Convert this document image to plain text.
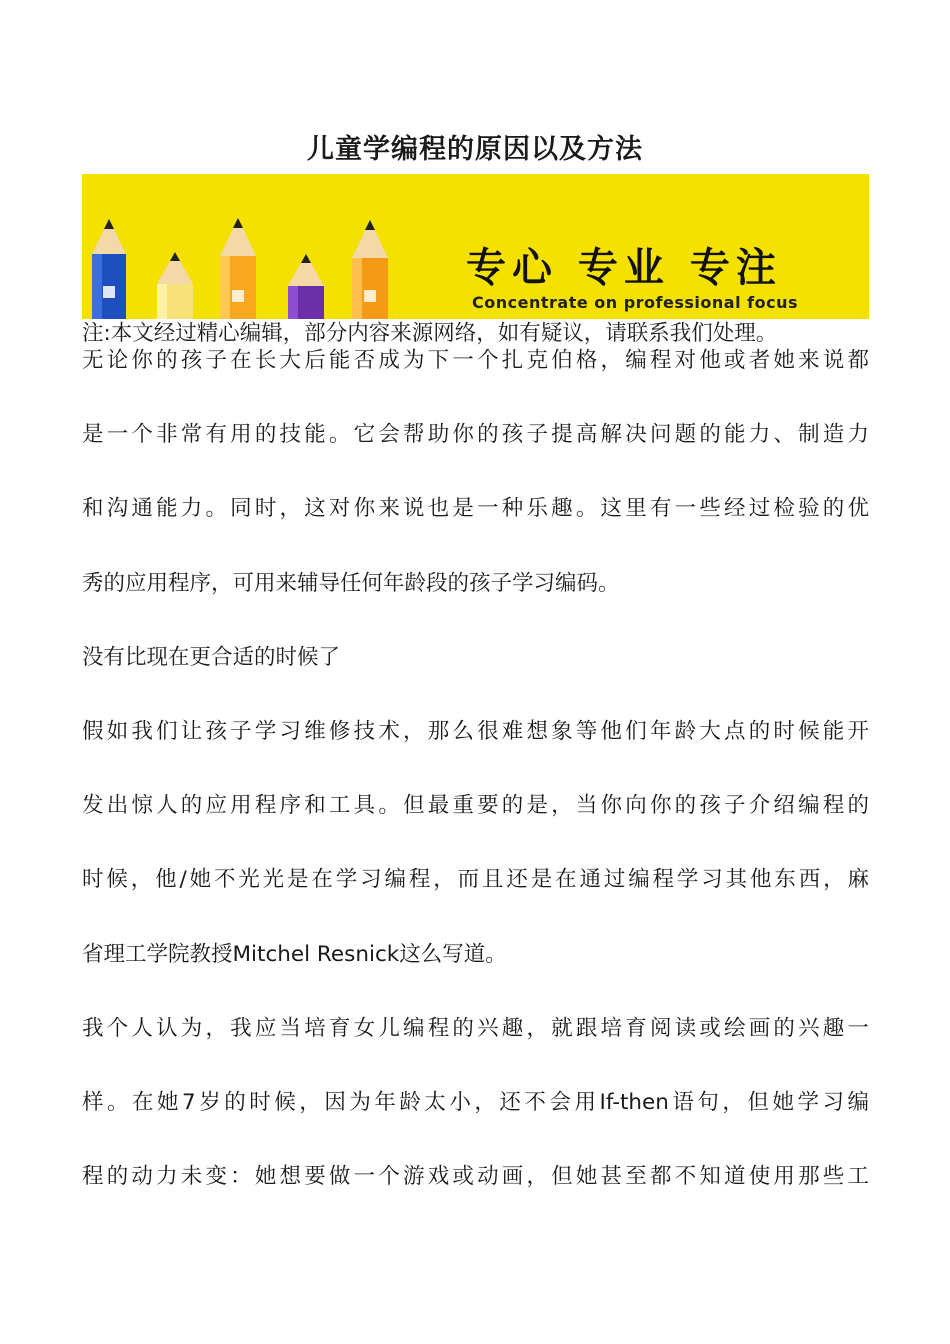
儿童学编程的原因以及方法
专心 专业 专注
Concentrate on professional focus

注:本文经过精心编辑，部分内容来源网络，如有疑议，请联系我们处理。

无论你的孩子在长大后能否成为下一个扎克伯格，编程对他或者她来说都
是一个非常有用的技能。它会帮助你的孩子提高解决问题的能力、制造力
和沟通能力。同时，这对你来说也是一种乐趣。这里有一些经过检验的优
秀的应用程序，可用来辅导任何年龄段的孩子学习编码。
没有比现在更合适的时候了
假如我们让孩子学习维修技术，那么很难想象等他们年龄大点的时候能开
发出惊人的应用程序和工具。但最重要的是，当你向你的孩子介绍编程的
时候，他/她不光光是在学习编程，而且还是在通过编程学习其他东西，麻
省理工学院教授Mitchel Resnick这么写道。
我个人认为，我应当培育女儿编程的兴趣，就跟培育阅读或绘画的兴趣一
样。在她7岁的时候，因为年龄太小，还不会用If-then语句，但她学习编
程的动力未变：她想要做一个游戏或动画，但她甚至都不知道使用那些工
